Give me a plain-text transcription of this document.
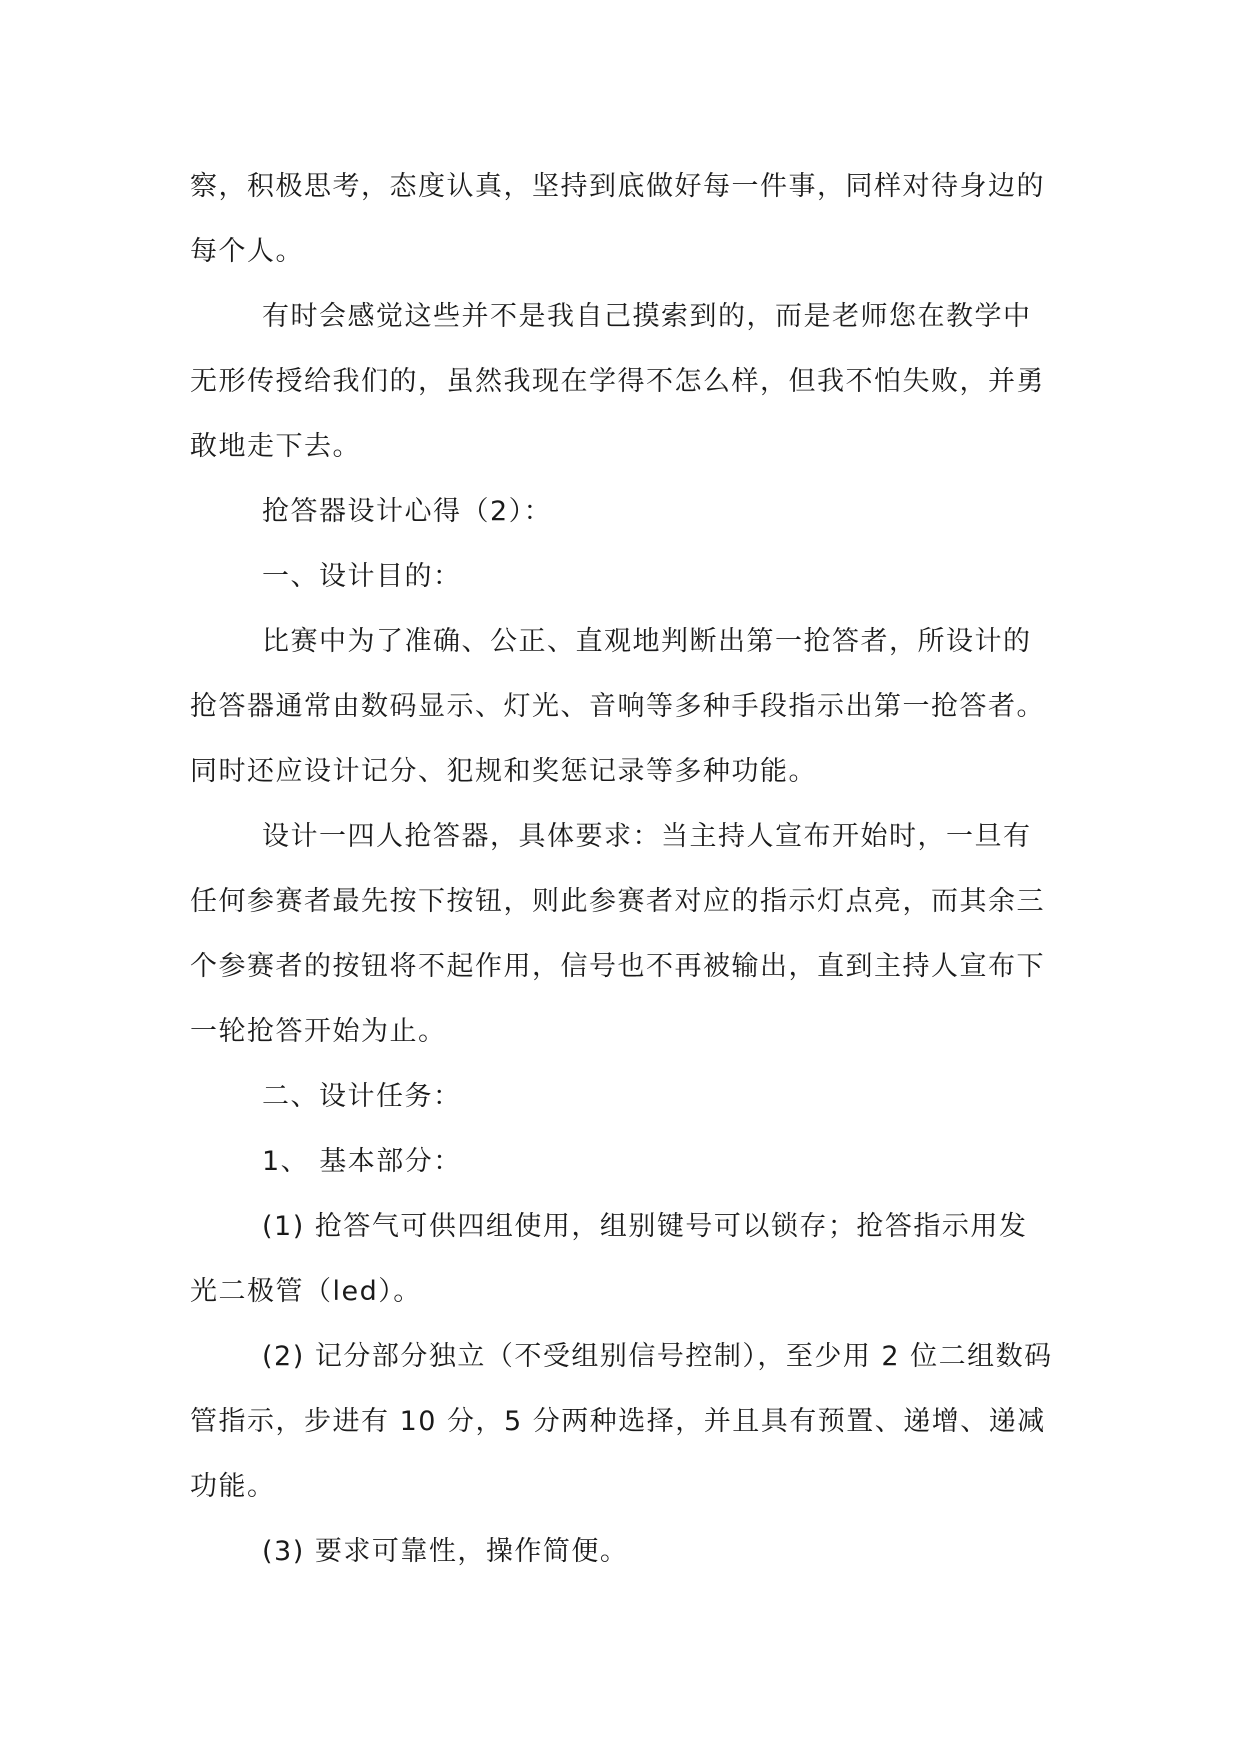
察，积极思考，态度认真，坚持到底做好每一件事，同样对待身边的
每个人。

有时会感觉这些并不是我自己摸索到的，而是老师您在教学中
无形传授给我们的，虽然我现在学得不怎么样，但我不怕失败，并勇
敢地走下去。

抢答器设计心得（2）：

一、设计目的：

比赛中为了准确、公正、直观地判断出第一抢答者，所设计的
抢答器通常由数码显示、灯光、音响等多种手段指示出第一抢答者。
同时还应设计记分、犯规和奖惩记录等多种功能。

设计一四人抢答器，具体要求：当主持人宣布开始时，一旦有
任何参赛者最先按下按钮，则此参赛者对应的指示灯点亮，而其余三
个参赛者的按钮将不起作用，信号也不再被输出，直到主持人宣布下
一轮抢答开始为止。

二、设计任务：

1、 基本部分：

(1) 抢答气可供四组使用，组别键号可以锁存；抢答指示用发
光二极管（led）。

(2) 记分部分独立（不受组别信号控制），至少用 2 位二组数码
管指示，步进有 10 分，5 分两种选择，并且具有预置、递增、递减
功能。

(3) 要求可靠性，操作简便。
